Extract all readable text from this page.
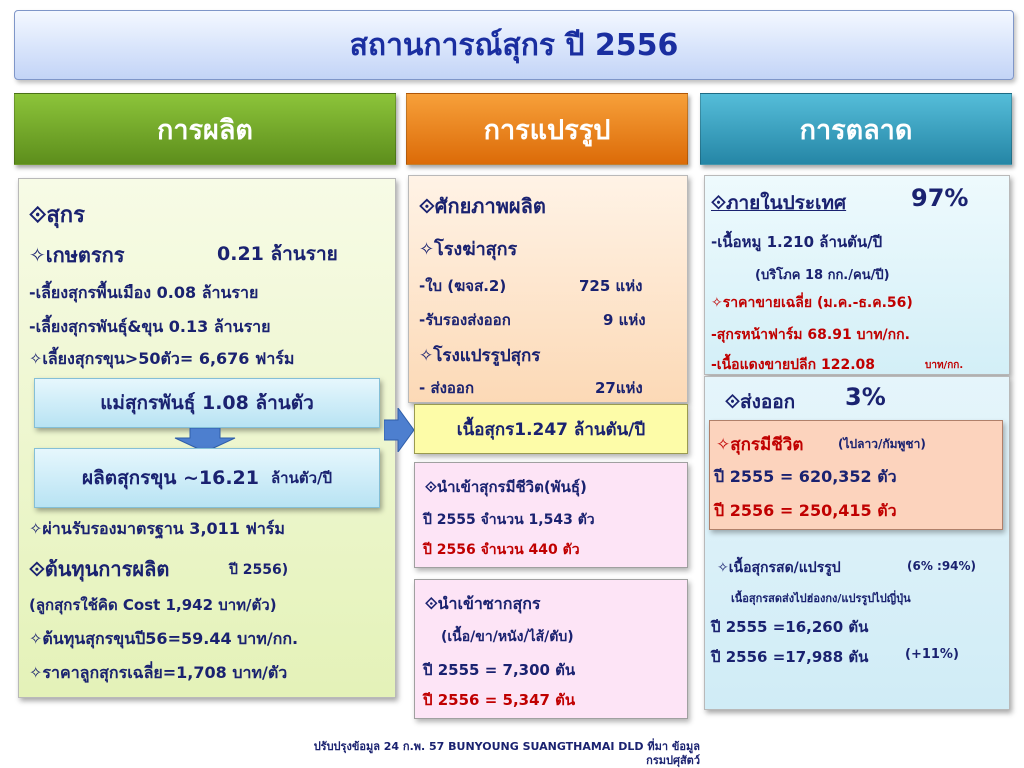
สถานการณ์สุกร ปี 2556
การผลิต	การแปรรูป	การตลาด
⟐สุกร
✧เกษตรกร	0.21 ล้านราย
-เลี้ยงสุกรพื้นเมือง 0.08 ล้านราย
-เลี้ยงสุกรพันธุ์&ขุน 0.13 ล้านราย
✧เลี้ยงสุกรขุน>50ตัว= 6,676 ฟาร์ม
✧ผ่านรับรองมาตรฐาน 3,011 ฟาร์ม
⟐ต้นทุนการผลิต	ปี 2556)
(ลูกสุกรใช้คิด Cost 1,942 บาท/ตัว)
✧ต้นทุนสุกรขุนปี56=59.44 บาท/กก.
✧ราคาลูกสุกรเฉลี่ย=1,708 บาท/ตัว
แม่สุกรพันธุ์ 1.08 ล้านตัว
ผลิตสุกรขุน ~16.21 ล้านตัว/ปี
⟐ศักยภาพผลิต
✧โรงฆ่าสุกร
-ใบ (ฆจส.2)	725 แห่ง
-รับรองส่งออก	9 แห่ง
✧โรงแปรรูปสุกร
- ส่งออก	27แห่ง
เนื้อสุกร1.247 ล้านตัน/ปี
⟐นำเข้าสุกรมีชีวิต(พันธุ์)
ปี 2555 จำนวน 1,543 ตัว
ปี 2556 จำนวน 440 ตัว
⟐นำเข้าซากสุกร
(เนื้อ/ขา/หนัง/ไส้/ตับ)
ปี 2555 = 7,300 ตัน
ปี 2556 = 5,347 ตัน
⟐ภายในประเทศ	97%
-เนื้อหมู 1.210 ล้านตัน/ปี
(บริโภค 18 กก./คน/ปี)
✧ราคาขายเฉลี่ย (ม.ค.-ธ.ค.56)
-สุกรหน้าฟาร์ม 68.91 บาท/กก.
-เนื้อแดงขายปลีก 122.08	บาท/กก.
⟐ส่งออก 3%
✧เนื้อสุกรสด/แปรรูป	(6% :94%)
เนื้อสุกรสดส่งไปฮ่องกง/แปรรูปไปญี่ปุ่น
ปี 2555 =16,260 ตัน
ปี 2556 =17,988 ตัน	(+11%)
✧สุกรมีชีวิต	(ไปลาว/กัมพูชา)
ปี 2555 = 620,352 ตัว
ปี 2556 = 250,415 ตัว
ปรับปรุงข้อมูล 24 ก.พ. 57 BUNYOUNG SUANGTHAMAI DLD ที่มา ข้อมูล
กรมปศุสัตว์
